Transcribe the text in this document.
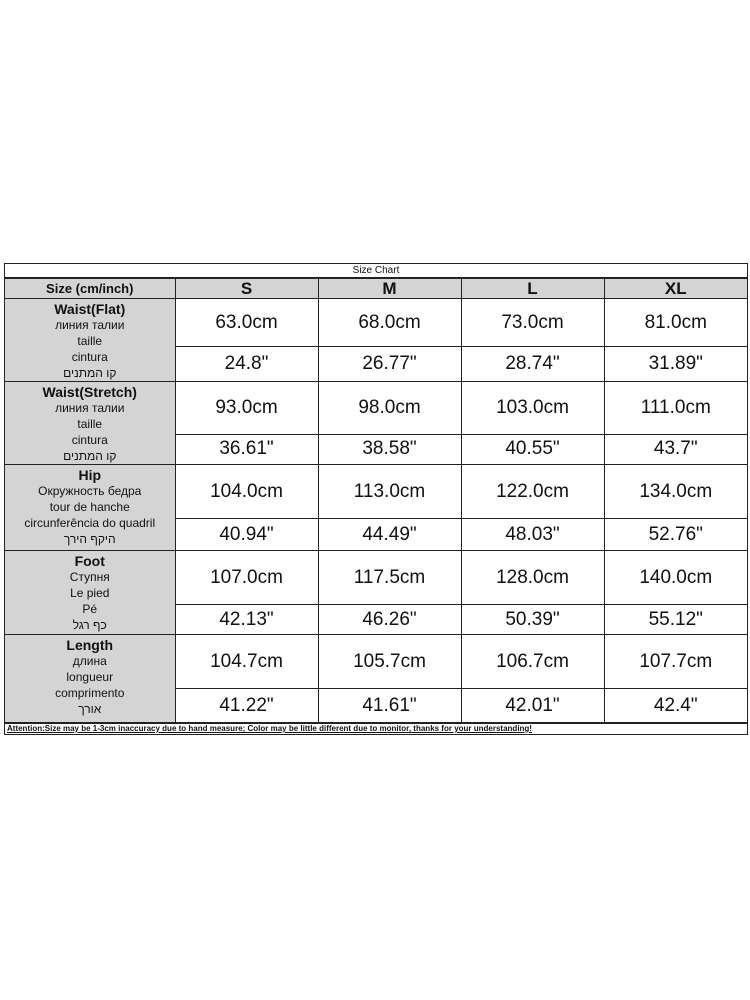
Size Chart
Size (cm/inch)	S	M	L	XL

Waist(Flat)
линия талии
taille
cintura
קו המתנים	63.0cm	68.0cm	73.0cm	81.0cm
	24.8"	26.77"	28.74"	31.89"

Waist(Stretch)
линия талии
taille
cintura
קו המתנים	93.0cm	98.0cm	103.0cm	111.0cm
	36.61"	38.58"	40.55"	43.7"

Hip
Окружность бедра
tour de hanche
circunferência do quadril
היקף הירך	104.0cm	113.0cm	122.0cm	134.0cm
	40.94"	44.49"	48.03"	52.76"

Foot
Ступня
Le pied
Pé
כף רגל	107.0cm	117.5cm	128.0cm	140.0cm
	42.13"	46.26"	50.39"	55.12"

Length
длина
longueur
comprimento
אורך	104.7cm	105.7cm	106.7cm	107.7cm
	41.22"	41.61"	42.01"	42.4"
Attention:Size may be 1-3cm inaccuracy due to hand measure; Color may be little different due to monitor, thanks for your understanding!
